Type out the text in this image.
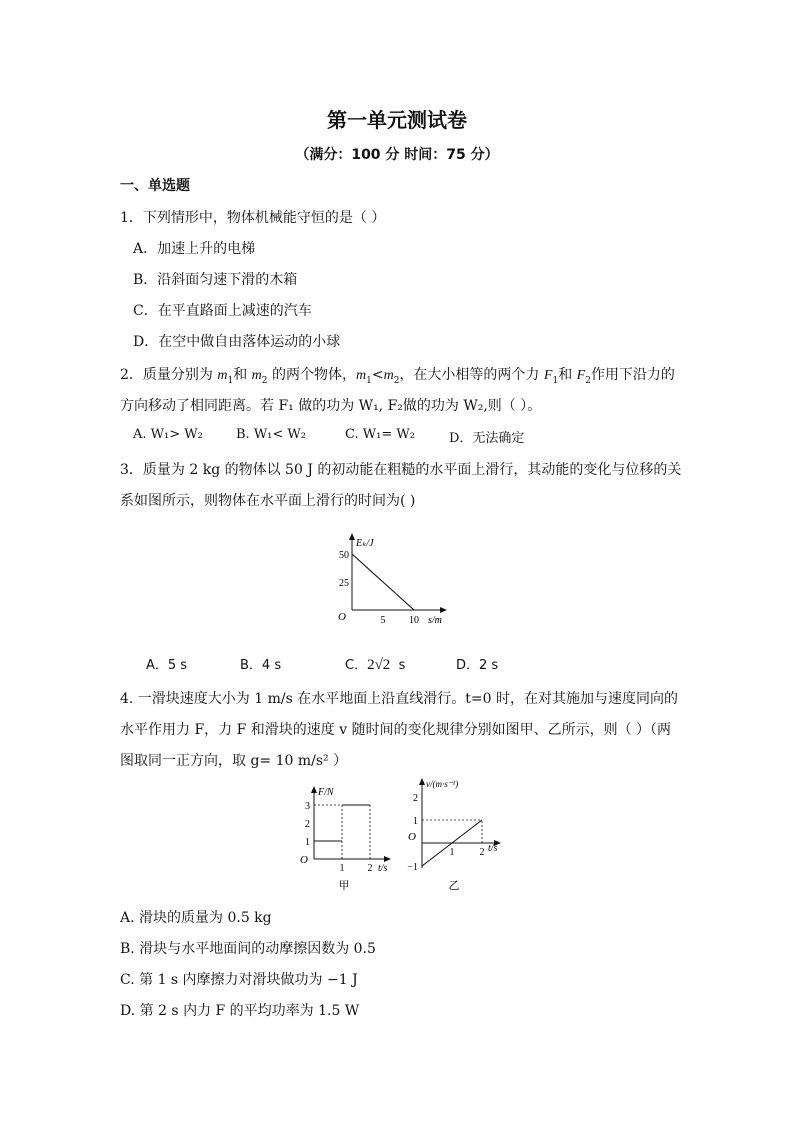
第一单元测试卷
（满分：100 分 时间：75 分）
一、单选题
1．下列情形中，物体机械能守恒的是（ ）
A．加速上升的电梯
B．沿斜面匀速下滑的木箱
C．在平直路面上减速的汽车
D．在空中做自由落体运动的小球
2．质量分别为 $m_1$和 $m_2$ 的两个物体，$m_1<m_2$，在大小相等的两个力 $F_1$和 $F_2$作用下沿力的
方向移动了相同距离。若 F₁ 做的功为 W₁, F₂做的功为 W₂,则（ ）。
A. W₁> W₂	B. W₁< W₂	C. W₁= W₂	D．无法确定
3．质量为 2 kg 的物体以 50 J 的初动能在粗糙的水平面上滑行，其动能的变化与位移的关
系如图所示，则物体在水平面上滑行的时间为( )
25
50
5 10
O
Eₖ/J
s/m
A．5 s	B．4 s	C．2√2 s	D．2 s
4. 一滑块速度大小为 1 m/s 在水平地面上沿直线滑行。t=0 时，在对其施加与速度同向的
水平作用力 F，力 F 和滑块的速度 v 随时间的变化规律分别如图甲、乙所示，则（ ）（两
图取同一正方向，取 g= 10 m/s² ）
1
2
3
1 2
O
F/N
t/s
甲
−1
1
2
1	2
O
v/(m·s⁻¹)
t/s
乙
A. 滑块的质量为 0.5 kg
B. 滑块与水平地面间的动摩擦因数为 0.5
C. 第 1 s 内摩擦力对滑块做功为 −1 J
D. 第 2 s 内力 F 的平均功率为 1.5 W
